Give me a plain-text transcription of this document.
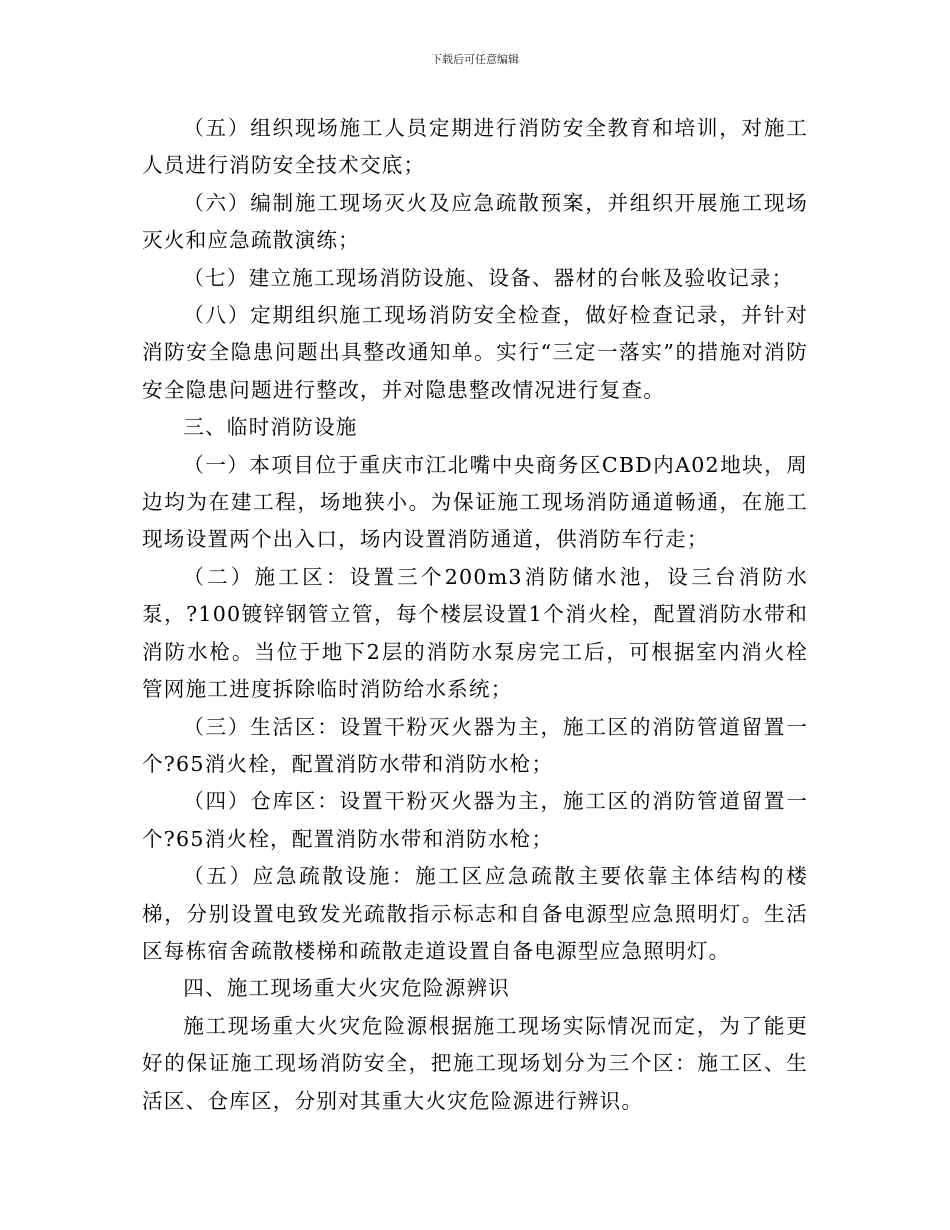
下载后可任意编辑

（五）组织现场施工人员定期进行消防安全教育和培训，对施工人员进行消防安全技术交底；

（六）编制施工现场灭火及应急疏散预案，并组织开展施工现场灭火和应急疏散演练；

（七）建立施工现场消防设施、设备、器材的台帐及验收记录；

（八）定期组织施工现场消防安全检查，做好检查记录，并针对消防安全隐患问题出具整改通知单。实行“三定一落实”的措施对消防安全隐患问题进行整改，并对隐患整改情况进行复查。

三、临时消防设施

（一）本项目位于重庆市江北嘴中央商务区CBD内A02地块，周边均为在建工程，场地狭小。为保证施工现场消防通道畅通，在施工现场设置两个出入口，场内设置消防通道，供消防车行走；

（二）施工区：设置三个200m3消防储水池，设三台消防水泵，?100镀锌钢管立管，每个楼层设置1个消火栓，配置消防水带和消防水枪。当位于地下2层的消防水泵房完工后，可根据室内消火栓管网施工进度拆除临时消防给水系统；

（三）生活区：设置干粉灭火器为主，施工区的消防管道留置一个?65消火栓，配置消防水带和消防水枪；

（四）仓库区：设置干粉灭火器为主，施工区的消防管道留置一个?65消火栓，配置消防水带和消防水枪；

（五）应急疏散设施：施工区应急疏散主要依靠主体结构的楼梯，分别设置电致发光疏散指示标志和自备电源型应急照明灯。生活区每栋宿舍疏散楼梯和疏散走道设置自备电源型应急照明灯。

四、施工现场重大火灾危险源辨识

施工现场重大火灾危险源根据施工现场实际情况而定，为了能更好的保证施工现场消防安全，把施工现场划分为三个区：施工区、生活区、仓库区，分别对其重大火灾危险源进行辨识。
